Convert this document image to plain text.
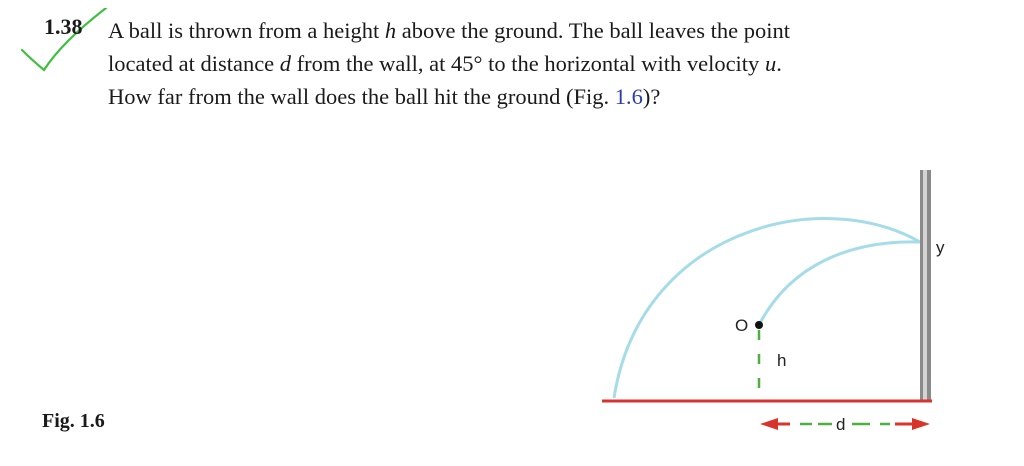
1.38 A ball is thrown from a height h above the ground. The ball leaves the point
located at distance d from the wall, at 45° to the horizontal with velocity u.
How far from the wall does the ball hit the ground (Fig. 1.6)?
Fig. 1.6
O
h
d
y
